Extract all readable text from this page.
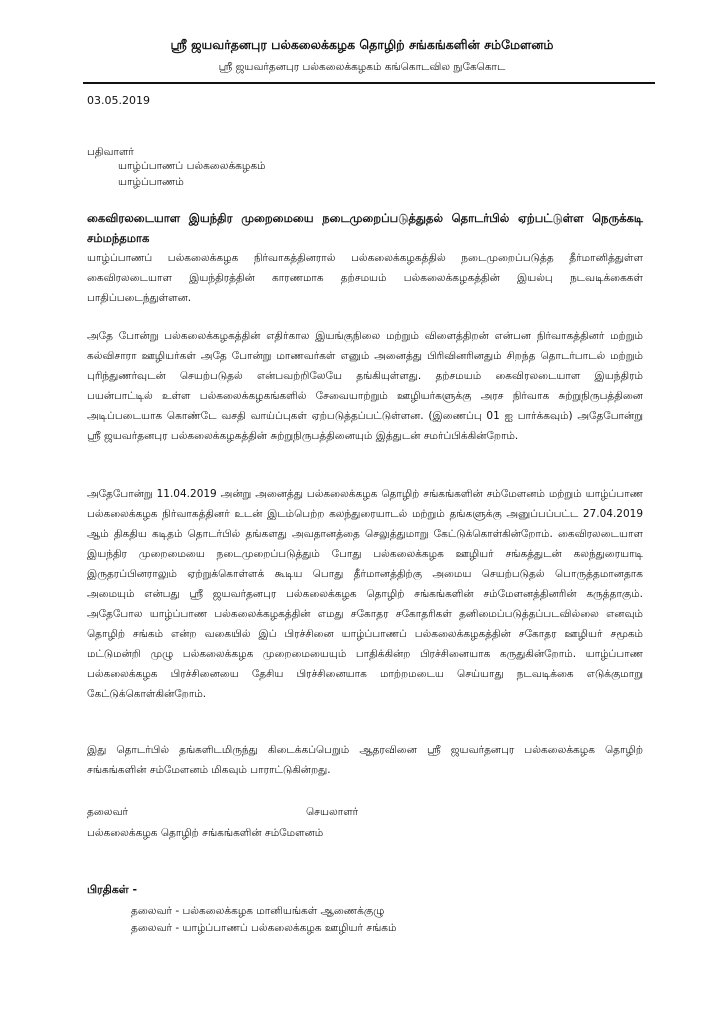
ஸ்ரீ ஜயவர்தனபுர பல்கலைக்கழக தொழிற் சங்கங்களின் சம்மேளனம்
ஸ்ரீ ஜயவர்தனபுர பல்கலைக்கழகம் கங்கொடவில நுகேகொட
03.05.2019
பதிவாளர்
யாழ்ப்பாணப் பல்கலைக்கழகம்
யாழ்ப்பாணம்
கைவிரலடையாள இயந்திர முறைமையை நடைமுறைப்படுத்துதல் தொடர்பில் ஏற்பட்டுள்ள நெருக்கடி சம்மந்தமாக
யாழ்ப்பாணப் பல்கலைக்கழக நிர்வாகத்தினரால் பல்கலைக்கழகத்தில் நடைமுறைப்படுத்த தீர்மானித்துள்ள கைவிரலடையாள இயந்திரத்தின் காரணமாக தற்சமயம் பல்கலைக்கழகத்தின் இயல்பு நடவடிக்கைகள் பாதிப்படைந்துள்ளன.
அதே போன்று பல்கலைக்கழகத்தின் எதிர்கால இயங்குநிலை மற்றும் விளைத்திறன் என்பன நிர்வாகத்தினர் மற்றும் கல்விசாரா ஊழியர்கள் அதே போன்று மாணவர்கள் எனும் அனைத்து பிரிவினரினதும் சிறந்த தொடர்பாடல் மற்றும் புரிந்துணர்வுடன் செயற்படுதல் என்பவற்றிலேயே தங்கியுள்ளது. தற்சமயம் கைவிரலடையாள இயந்திரம் பயன்பாட்டில் உள்ள பல்கலைக்கழகங்களில் சேவையாற்றும் ஊழியர்களுக்கு அரச நிர்வாக சுற்றுநிருபத்தினை அடிப்படையாக கொண்டே வசதி வாய்ப்புகள் ஏற்படுத்தப்பட்டுள்ளன. (இணைப்பு 01 ஐ பார்க்கவும்) அதேபோன்று ஸ்ரீ ஜயவர்தனபுர பல்கலைக்கழகத்தின் சுற்றுநிருபத்தினையும் இத்துடன் சமர்ப்பிக்கின்றோம்.
அதேபோன்று 11.04.2019 அன்று அனைத்து பல்கலைக்கழக தொழிற் சங்கங்களின் சம்மேளனம் மற்றும் யாழ்ப்பாண பல்கலைக்கழக நிர்வாகத்தினர் உடன் இடம்பெற்ற கலந்துரையாடல் மற்றும் தங்களுக்கு அனுப்பப்பட்ட 27.04.2019 ஆம் திகதிய கடிதம் தொடர்பில் தங்களது அவதானத்தை செலுத்துமாறு கேட்டுக்கொள்கின்றோம். கைவிரலடையாள இயந்திர முறைமையை நடைமுறைப்படுத்தும் போது பல்கலைக்கழக ஊழியர் சங்கத்துடன் கலந்துரையாடி இருதரப்பினராலும் ஏற்றுக்கொள்ளக் கூடிய பொது தீர்மானத்திற்கு அமைய செயற்படுதல் பொருத்தமானதாக அமையும் என்பது ஸ்ரீ ஜயவர்தனபுர பல்கலைக்கழக தொழிற் சங்கங்களின் சம்மேளனத்தினரின் கருத்தாகும். அதேபோல யாழ்ப்பாண பல்கலைக்கழகத்தின் எமது சகோதர சகோதரிகள் தனிமைப்படுத்தப்படவில்லை எனவும் தொழிற் சங்கம் என்ற வகையில் இப் பிரச்சினை யாழ்ப்பாணப் பல்கலைக்கழகத்தின் சகோதர ஊழியர் சமூகம் மட்டுமன்றி முழு பல்கலைக்கழக முறைமையையும் பாதிக்கின்ற பிரச்சினையாக கருதுகின்றோம். யாழ்ப்பாண பல்கலைக்கழக பிரச்சினையை தேசிய பிரச்சினையாக மாற்றமடைய செய்யாது நடவடிக்கை எடுக்குமாறு கேட்டுக்கொள்கின்றோம்.
இது தொடர்பில் தங்களிடமிருந்து கிடைக்கப்பெறும் ஆதரவினை ஸ்ரீ ஜயவர்தனபுர பல்கலைக்கழக தொழிற் சங்கங்களின் சம்மேளனம் மிகவும் பாராட்டுகின்றது.
தலைவர்	செயலாளர்
பல்கலைக்கழக தொழிற் சங்கங்களின் சம்மேளனம்
பிரதிகள் -
தலைவர் - பல்கலைக்கழக மானியங்கள் ஆணைக்குழு
தலைவர் - யாழ்ப்பாணப் பல்கலைக்கழக ஊழியர் சங்கம்
